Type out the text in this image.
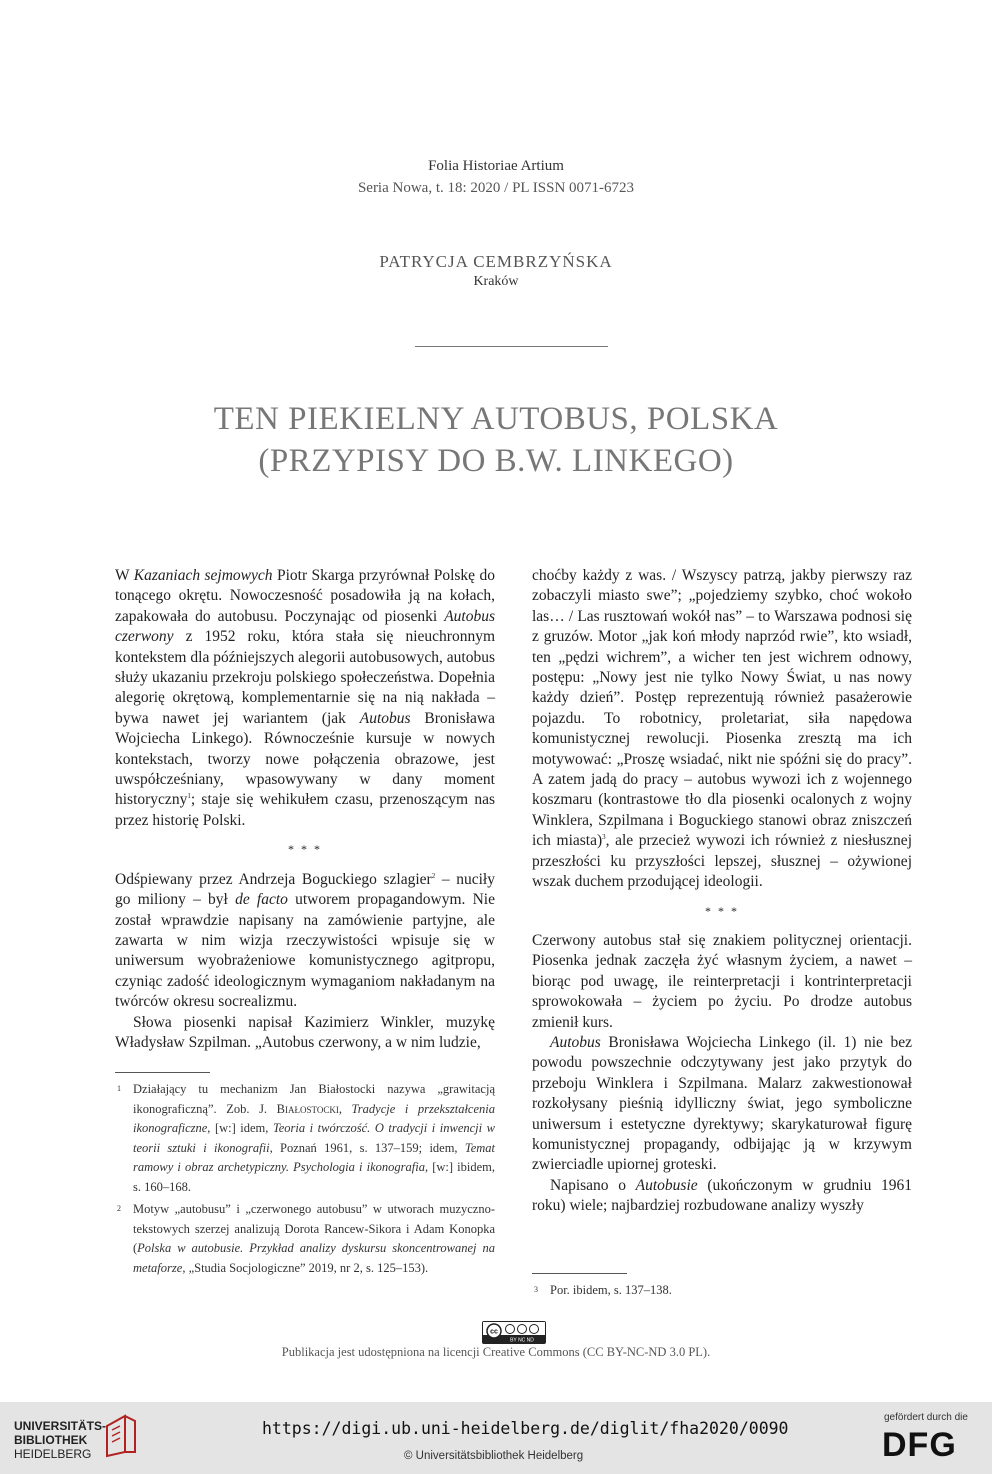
Folia Historiae Artium
Seria Nowa, t. 18: 2020 / PL ISSN 0071-6723
PATRYCJA CEMBRZYŃSKA
Kraków
TEN PIEKIELNY AUTOBUS, POLSKA
(PRZYPISY DO B.W. LINKEGO)

W Kazaniach sejmowych Piotr Skarga przyrównał Polskę do tonącego okrętu. Nowoczesność posadowiła ją na kołach, zapakowała do autobusu. Poczynając od piosenki Autobus czerwony z 1952 roku, która stała się nieuchronnym kontekstem dla późniejszych alegorii autobusowych, autobus służy ukazaniu przekroju polskiego społeczeństwa. Dopełnia alegorię okrętową, komplementarnie się na nią nakłada – bywa nawet jej wariantem (jak Autobus Bronisława Wojciecha Linkego). Równocześnie kursuje w nowych kontekstach, tworzy nowe połączenia obrazowe, jest uwspółcześniany, wpasowywany w dany moment historyczny$^1$; staje się wehikułem czasu, przenoszącym nas przez historię Polski.

* * *

Odśpiewany przez Andrzeja Boguckiego szlagier$^2$ – nuciły go miliony – był de facto utworem propagandowym. Nie został wprawdzie napisany na zamówienie partyjne, ale zawarta w nim wizja rzeczywistości wpisuje się w uniwersum wyobrażeniowe komunistycznego agitpropu, czyniąc zadość ideologicznym wymaganiom nakładanym na twórców okresu socrealizmu.

Słowa piosenki napisał Kazimierz Winkler, muzykę Władysław Szpilman. „Autobus czerwony, a w nim ludzie,

choćby każdy z was. / Wszyscy patrzą, jakby pierwszy raz zobaczyli miasto swe”; „pojedziemy szybko, choć wokoło las… / Las rusztowań wokół nas” – to Warszawa podnosi się z gruzów. Motor „jak koń młody naprzód rwie”, kto wsiadł, ten „pędzi wichrem”, a wicher ten jest wichrem odnowy, postępu: „Nowy jest nie tylko Nowy Świat, u nas nowy każdy dzień”. Postęp reprezentują również pasażerowie pojazdu. To robotnicy, proletariat, siła napędowa komunistycznej rewolucji. Piosenka zresztą ma ich motywować: „Proszę wsiadać, nikt nie spóźni się do pracy”. A zatem jadą do pracy – autobus wywozi ich z wojennego koszmaru (kontrastowe tło dla piosenki ocalonych z wojny Winklera, Szpilmana i Boguckiego stanowi obraz zniszczeń ich miasta)$^3$, ale przecież wywozi ich również z niesłusznej przeszłości ku przyszłości lepszej, słusznej – ożywionej wszak duchem przodującej ideologii.

* * *

Czerwony autobus stał się znakiem politycznej orientacji. Piosenka jednak zaczęła żyć własnym życiem, a nawet – biorąc pod uwagę, ile reinterpretacji i kontrinterpretacji sprowokowała – życiem po życiu. Po drodze autobus zmienił kurs.

Autobus Bronisława Wojciecha Linkego (il. 1) nie bez powodu powszechnie odczytywany jest jako przytyk do przeboju Winklera i Szpilmana. Malarz zakwestionował rozkołysany pieśnią idylliczny świat, jego symboliczne uniwersum i estetyczne dyrektywy; skarykaturował figurę komunistycznej propagandy, odbijając ją w krzywym zwierciadle upiornej groteski.

Napisano o Autobusie (ukończonym w grudniu 1961 roku) wiele; najbardziej rozbudowane analizy wyszły

1 Działający tu mechanizm Jan Białostocki nazywa „grawitacją ikonograficzną”. Zob. J. Białostocki, Tradycje i przekształcenia ikonograficzne, [w:] idem, Teoria i twórczość. O tradycji i inwencji w teorii sztuki i ikonografii, Poznań 1961, s. 137–159; idem, Temat ramowy i obraz archetypiczny. Psychologia i ikonografia, [w:] ibidem, s. 160–168.
2 Motyw „autobusu” i „czerwonego autobusu” w utworach muzyczno-tekstowych szerzej analizują Dorota Rancew-Sikora i Adam Konopka (Polska w autobusie. Przykład analizy dyskursu skoncentrowanej na metaforze, „Studia Socjologiczne” 2019, nr 2, s. 125–153).
3 Por. ibidem, s. 137–138.
cc
BY NC ND
Publikacja jest udostępniona na licencji Creative Commons (CC BY-NC-ND 3.0 PL).
UNIVERSITÄTS-
BIBLIOTHEK
HEIDELBERG
https://digi.ub.uni-heidelberg.de/diglit/fha2020/0090
© Universitätsbibliothek Heidelberg
gefördert durch die
DFG
